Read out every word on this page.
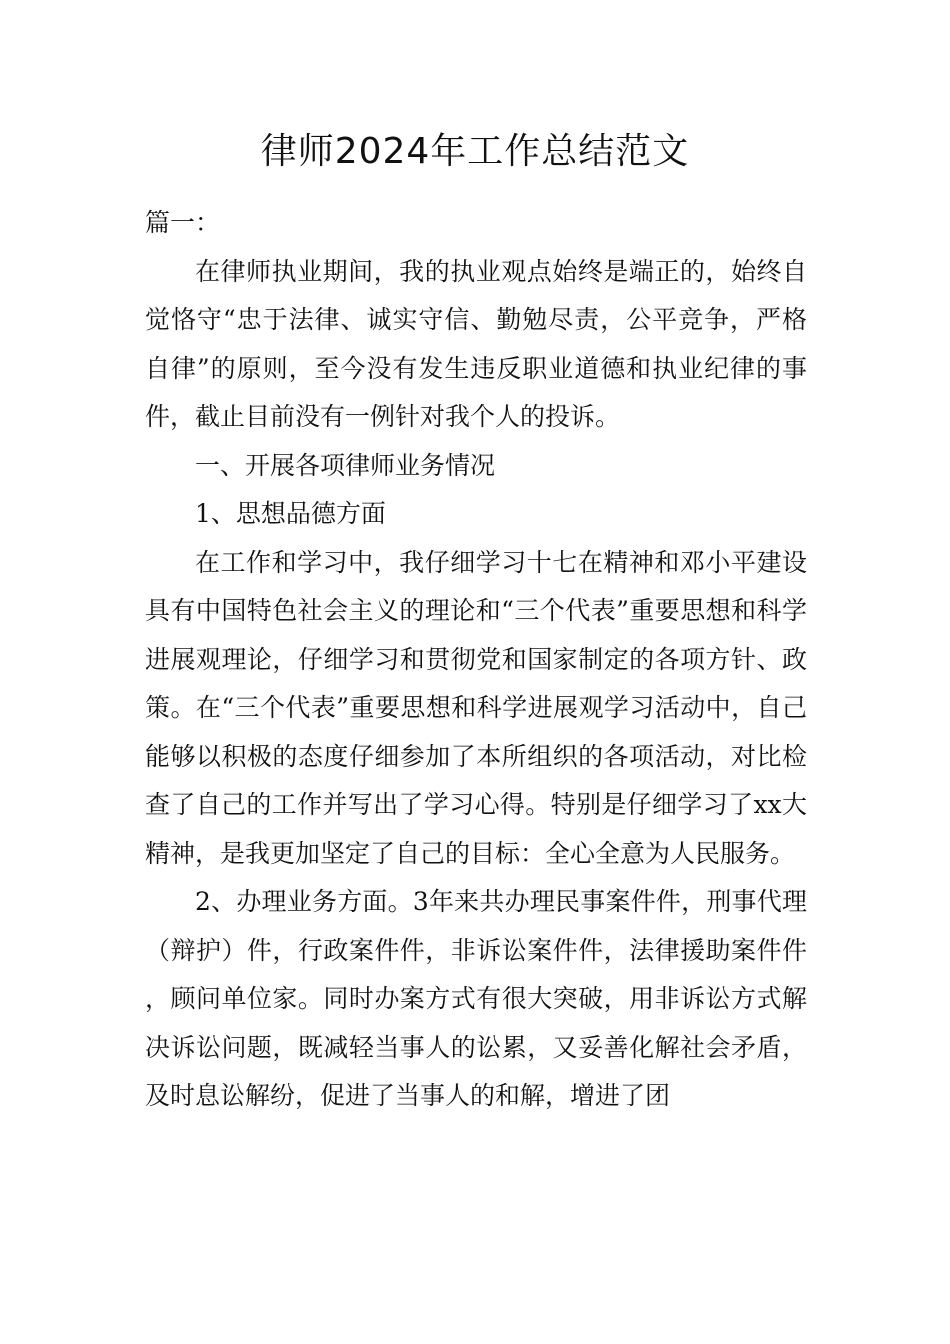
律师2024年工作总结范文

篇一：

在律师执业期间，我的执业观点始终是端正的，始终自觉恪守“忠于法律、诚实守信、勤勉尽责，公平竞争，严格自律”的原则，至今没有发生违反职业道德和执业纪律的事件，截止目前没有一例针对我个人的投诉。

一、开展各项律师业务情况

1、思想品德方面

在工作和学习中，我仔细学习十七在精神和邓小平建设具有中国特色社会主义的理论和“三个代表”重要思想和科学进展观理论，仔细学习和贯彻党和国家制定的各项方针、政策。在“三个代表”重要思想和科学进展观学习活动中，自己能够以积极的态度仔细参加了本所组织的各项活动，对比检查了自己的工作并写出了学习心得。特别是仔细学习了xx大精神，是我更加坚定了自己的目标：全心全意为人民服务。

2、办理业务方面。3年来共办理民事案件件，刑事代理（辩护）件，行政案件件，非诉讼案件件，法律援助案件件，顾问单位家。同时办案方式有很大突破，用非诉讼方式解决诉讼问题，既减轻当事人的讼累，又妥善化解社会矛盾，及时息讼解纷，促进了当事人的和解，增进了团
